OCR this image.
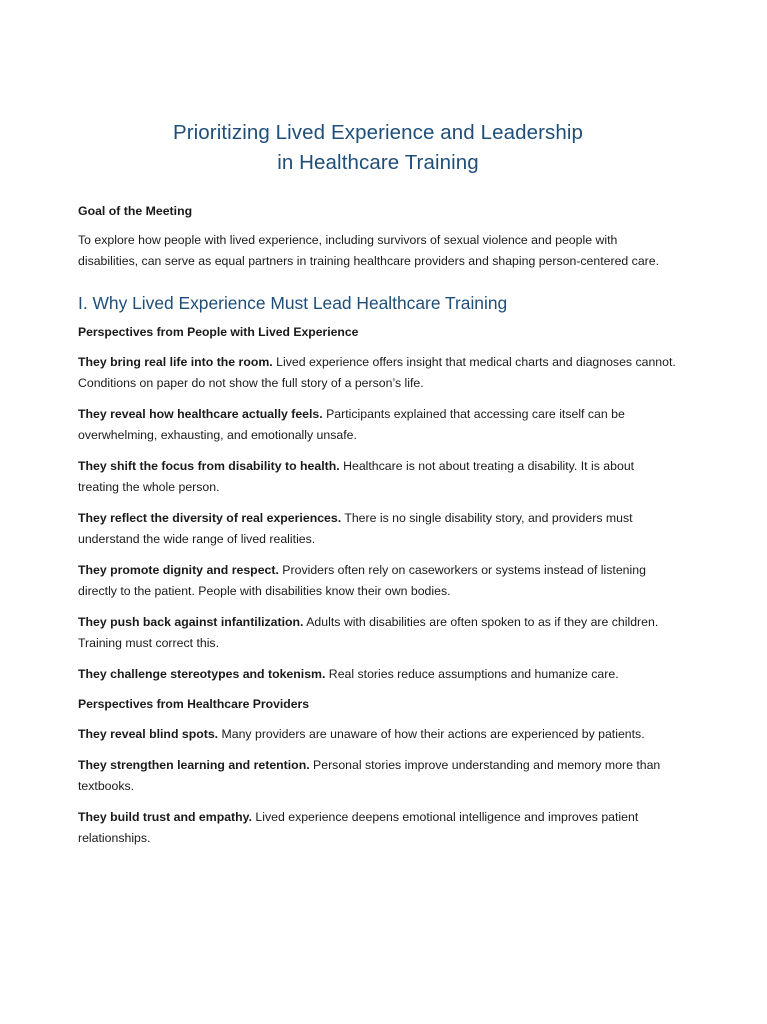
Prioritizing Lived Experience and Leadership
in Healthcare Training
Goal of the Meeting

To explore how people with lived experience, including survivors of sexual violence and people with disabilities, can serve as equal partners in training healthcare providers and shaping person-centered care.

I. Why Lived Experience Must Lead Healthcare Training
Perspectives from People with Lived Experience

They bring real life into the room. Lived experience offers insight that medical charts and diagnoses cannot. Conditions on paper do not show the full story of a person’s life.

They reveal how healthcare actually feels. Participants explained that accessing care itself can be overwhelming, exhausting, and emotionally unsafe.

They shift the focus from disability to health. Healthcare is not about treating a disability. It is about treating the whole person.

They reflect the diversity of real experiences. There is no single disability story, and providers must understand the wide range of lived realities.

They promote dignity and respect. Providers often rely on caseworkers or systems instead of listening directly to the patient. People with disabilities know their own bodies.

They push back against infantilization. Adults with disabilities are often spoken to as if they are children. Training must correct this.

They challenge stereotypes and tokenism. Real stories reduce assumptions and humanize care.

Perspectives from Healthcare Providers

They reveal blind spots. Many providers are unaware of how their actions are experienced by patients.

They strengthen learning and retention. Personal stories improve understanding and memory more than textbooks.

They build trust and empathy. Lived experience deepens emotional intelligence and improves patient relationships.
